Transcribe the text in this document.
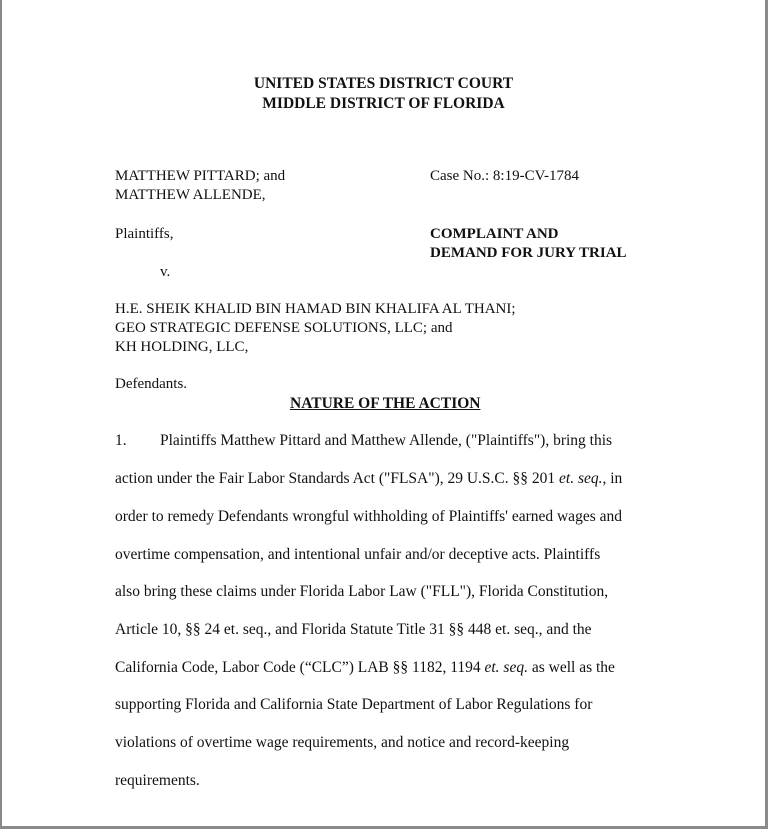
UNITED STATES DISTRICT COURT
MIDDLE DISTRICT OF FLORIDA
MATTHEW PITTARD; and
MATTHEW ALLENDE,
Case No.: 8:19-CV-1784
Plaintiffs,	COMPLAINT AND
DEMAND FOR JURY TRIAL
v.
H.E. SHEIK KHALID BIN HAMAD BIN KHALIFA AL THANI;
GEO STRATEGIC DEFENSE SOLUTIONS, LLC; and
KH HOLDING, LLC,
Defendants.
NATURE OF THE ACTION
1. Plaintiffs Matthew Pittard and Matthew Allende, ("Plaintiffs"), bring this
action under the Fair Labor Standards Act ("FLSA"), 29 U.S.C. §§ 201 et. seq., in
order to remedy Defendants wrongful withholding of Plaintiffs' earned wages and
overtime compensation, and intentional unfair and/or deceptive acts. Plaintiffs
also bring these claims under Florida Labor Law ("FLL"), Florida Constitution,
Article 10, §§ 24 et. seq., and Florida Statute Title 31 §§ 448 et. seq., and the
California Code, Labor Code (“CLC”) LAB §§ 1182, 1194 et. seq. as well as the
supporting Florida and California State Department of Labor Regulations for
violations of overtime wage requirements, and notice and record-keeping
requirements.
